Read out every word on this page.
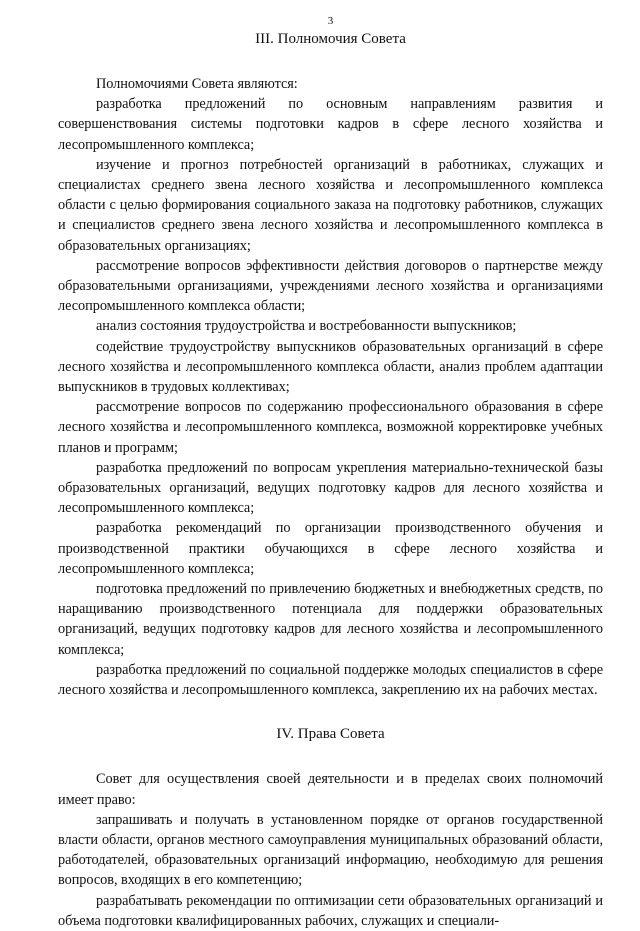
3
III. Полномочия Совета

Полномочиями Совета являются:

разработка предложений по основным направлениям развития и совершенствования системы подготовки кадров в сфере лесного хозяйства и лесопромышленного комплекса;

изучение и прогноз потребностей организаций в работниках, служащих и специалистах среднего звена лесного хозяйства и лесопромышленного комплекса области с целью формирования социального заказа на подготовку работников, служащих и специалистов среднего звена лесного хозяйства и лесопромышленного комплекса в образовательных организациях;

рассмотрение вопросов эффективности действия договоров о партнерстве между образовательными организациями, учреждениями лесного хозяйства и организациями лесопромышленного комплекса области;

анализ состояния трудоустройства и востребованности выпускников;

содействие трудоустройству выпускников образовательных организаций в сфере лесного хозяйства и лесопромышленного комплекса области, анализ проблем адаптации выпускников в трудовых коллективах;

рассмотрение вопросов по содержанию профессионального образования в сфере лесного хозяйства и лесопромышленного комплекса, возможной корректировке учебных планов и программ;

разработка предложений по вопросам укрепления материально-технической базы образовательных организаций, ведущих подготовку кадров для лесного хозяйства и лесопромышленного комплекса;

разработка рекомендаций по организации производственного обучения и производственной практики обучающихся в сфере лесного хозяйства и лесопромышленного комплекса;

подготовка предложений по привлечению бюджетных и внебюджетных средств, по наращиванию производственного потенциала для поддержки образовательных организаций, ведущих подготовку кадров для лесного хозяйства и лесопромышленного комплекса;

разработка предложений по социальной поддержке молодых специалистов в сфере лесного хозяйства и лесопромышленного комплекса, закреплению их на рабочих местах.

IV. Права Совета

Совет для осуществления своей деятельности и в пределах своих полномочий имеет право:

запрашивать и получать в установленном порядке от органов государственной власти области, органов местного самоуправления муниципальных образований области, работодателей, образовательных организаций информацию, необходимую для решения вопросов, входящих в его компетенцию;

разрабатывать рекомендации по оптимизации сети образовательных организаций и объема подготовки квалифицированных рабочих, служащих и специали-
